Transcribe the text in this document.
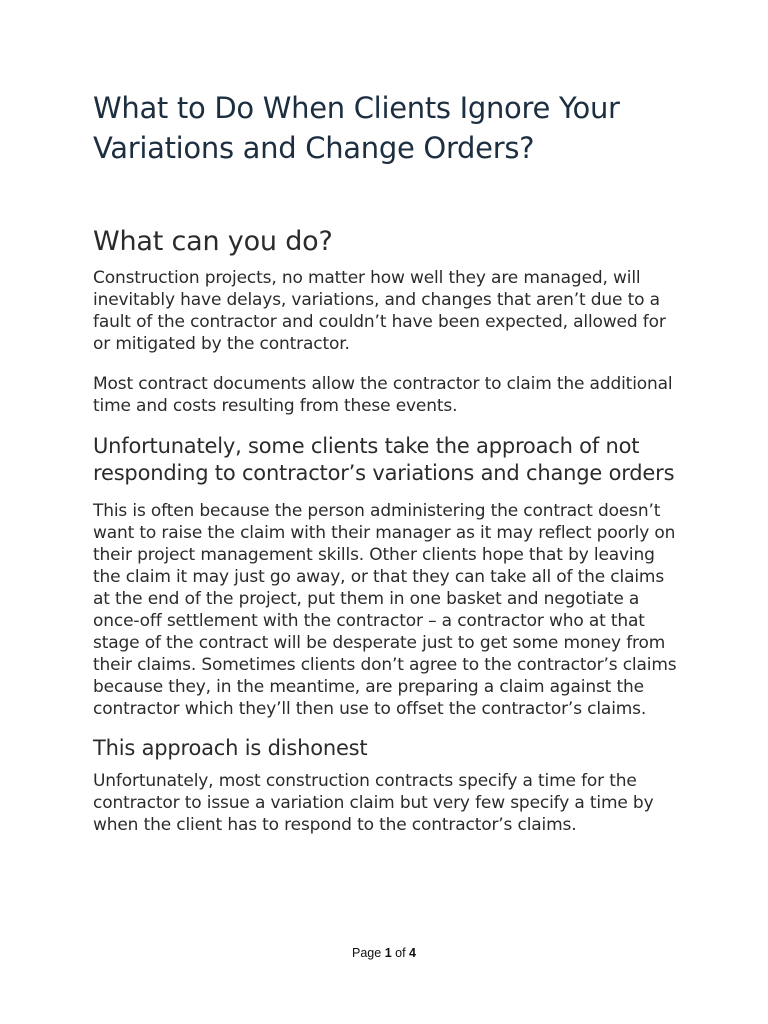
What to Do When Clients Ignore Your Variations and Change Orders?
What can you do?

Construction projects, no matter how well they are managed, will inevitably have delays, variations, and changes that aren’t due to a fault of the contractor and couldn’t have been expected, allowed for or mitigated by the contractor.

Most contract documents allow the contractor to claim the additional time and costs resulting from these events.

Unfortunately, some clients take the approach of not responding to contractor’s variations and change orders

This is often because the person administering the contract doesn’t want to raise the claim with their manager as it may reflect poorly on their project management skills. Other clients hope that by leaving the claim it may just go away, or that they can take all of the claims at the end of the project, put them in one basket and negotiate a once-off settlement with the contractor – a contractor who at that stage of the contract will be desperate just to get some money from their claims. Sometimes clients don’t agree to the contractor’s claims because they, in the meantime, are preparing a claim against the contractor which they’ll then use to offset the contractor’s claims.

This approach is dishonest

Unfortunately, most construction contracts specify a time for the contractor to issue a variation claim but very few specify a time by when the client has to respond to the contractor’s claims.

Page 1 of 4
